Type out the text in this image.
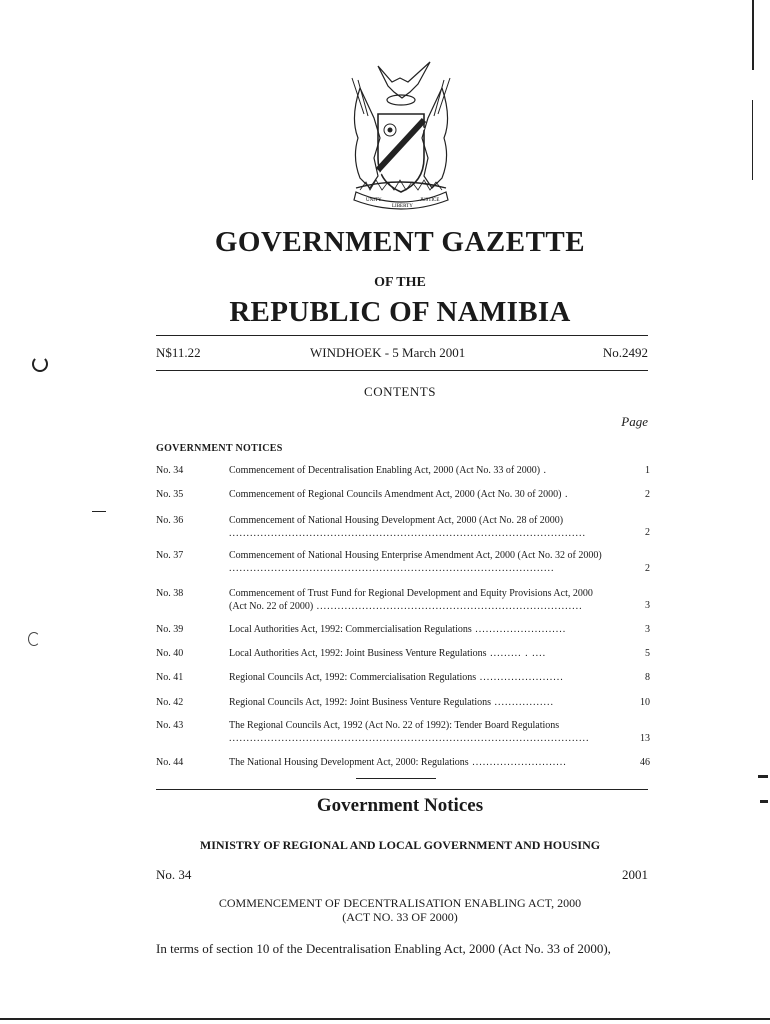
UNITY
LIBERTY
JUSTICE
GOVERNMENT GAZETTE
OF THE
REPUBLIC OF NAMIBIA
N$11.22	WINDHOEK - 5 March 2001	No.2492
CONTENTS
Page
GOVERNMENT NOTICES
No. 34	Commencement of Decentralisation Enabling Act, 2000 (Act No. 33 of 2000) .	1
No. 35	Commencement of Regional Councils Amendment Act, 2000 (Act No. 30 of 2000) .	2
No. 36	Commencement of National Housing Development Act, 2000 (Act No. 28 of 2000) ......................................................................................................	2
No. 37	Commencement of National Housing Enterprise Amendment Act, 2000 (Act No. 32 of 2000) .............................................................................................	2
No. 38	Commencement of Trust Fund for Regional Development and Equity Provisions Act, 2000 (Act No. 22 of 2000) ............................................................................	3
No. 39	Local Authorities Act, 1992: Commercialisation Regulations ..........................	3
No. 40	Local Authorities Act, 1992: Joint Business Venture Regulations ......... . ....	5
No. 41	Regional Councils Act, 1992: Commercialisation Regulations ........................	8
No. 42	Regional Councils Act, 1992: Joint Business Venture Regulations .................	10
No. 43	The Regional Councils Act, 1992 (Act No. 22 of 1992): Tender Board Regulations .......................................................................................................	13
No. 44	The National Housing Development Act, 2000: Regulations ...........................	46
Government Notices
MINISTRY OF REGIONAL AND LOCAL GOVERNMENT AND HOUSING
No. 34	2001
COMMENCEMENT OF DECENTRALISATION ENABLING ACT, 2000
(ACT NO. 33 OF 2000)
In terms of section 10 of the Decentralisation Enabling Act, 2000 (Act No. 33 of 2000),
